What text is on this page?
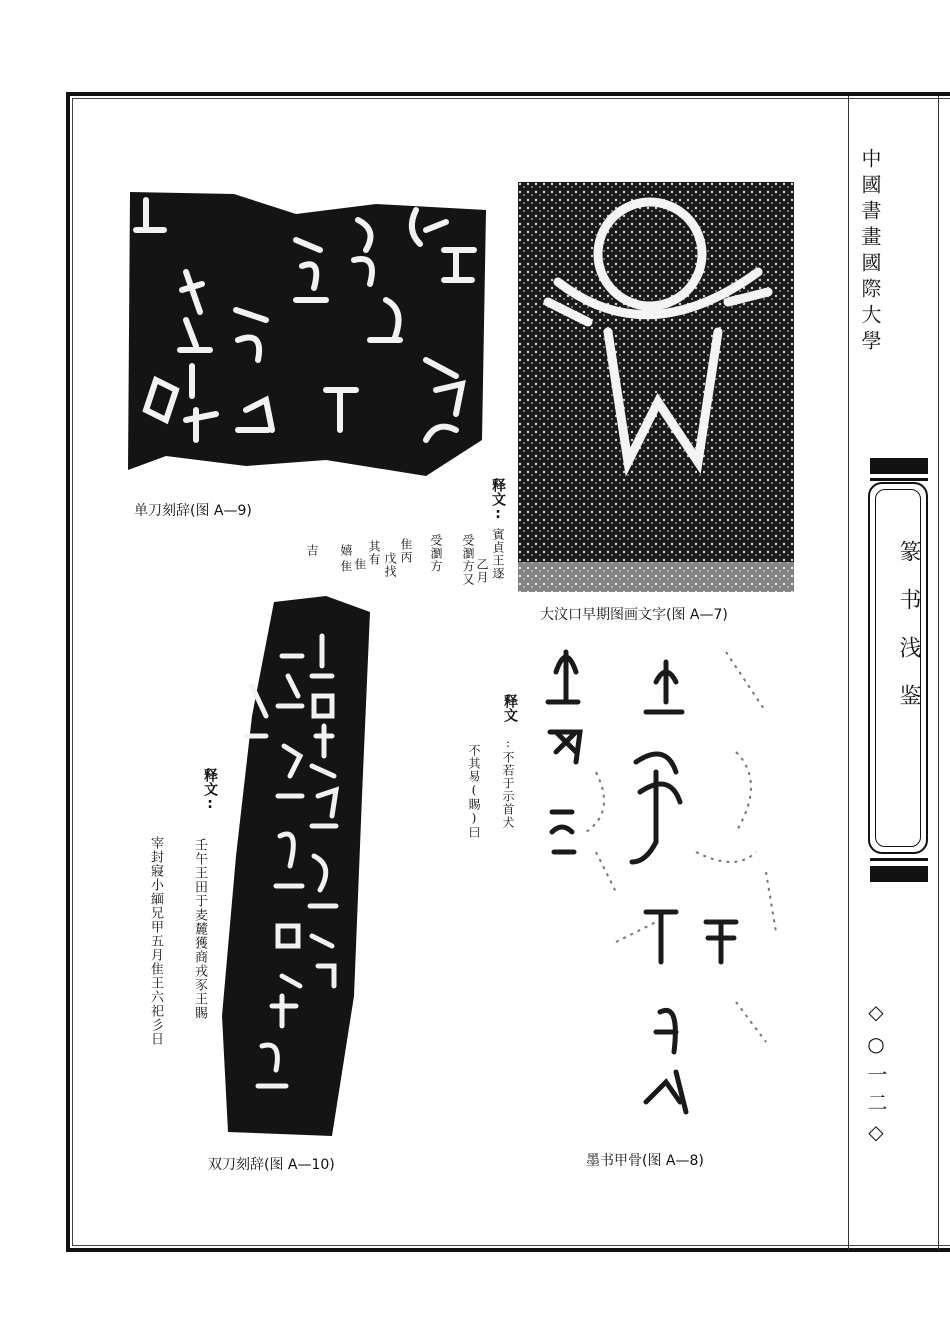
中國書畫國際大學
篆书浅鉴
◇○一二◇
单刀刻辞(图 A—9)	释文:
賓貞王逐
乙月
受瀏方又
受瀏方
隹丙
戊找
其有
隹
嬉
隹
吉
大汶口早期图画文字(图 A—7)
双刀刻辞(图 A—10)
释文:
壬午王田于麦麓獲商戎豕王賜
宰封寢小緬兄甲五月隹王六祀彡日
释文
:不若于示首犬
不其易(賜)曰
墨书甲骨(图 A—8)
